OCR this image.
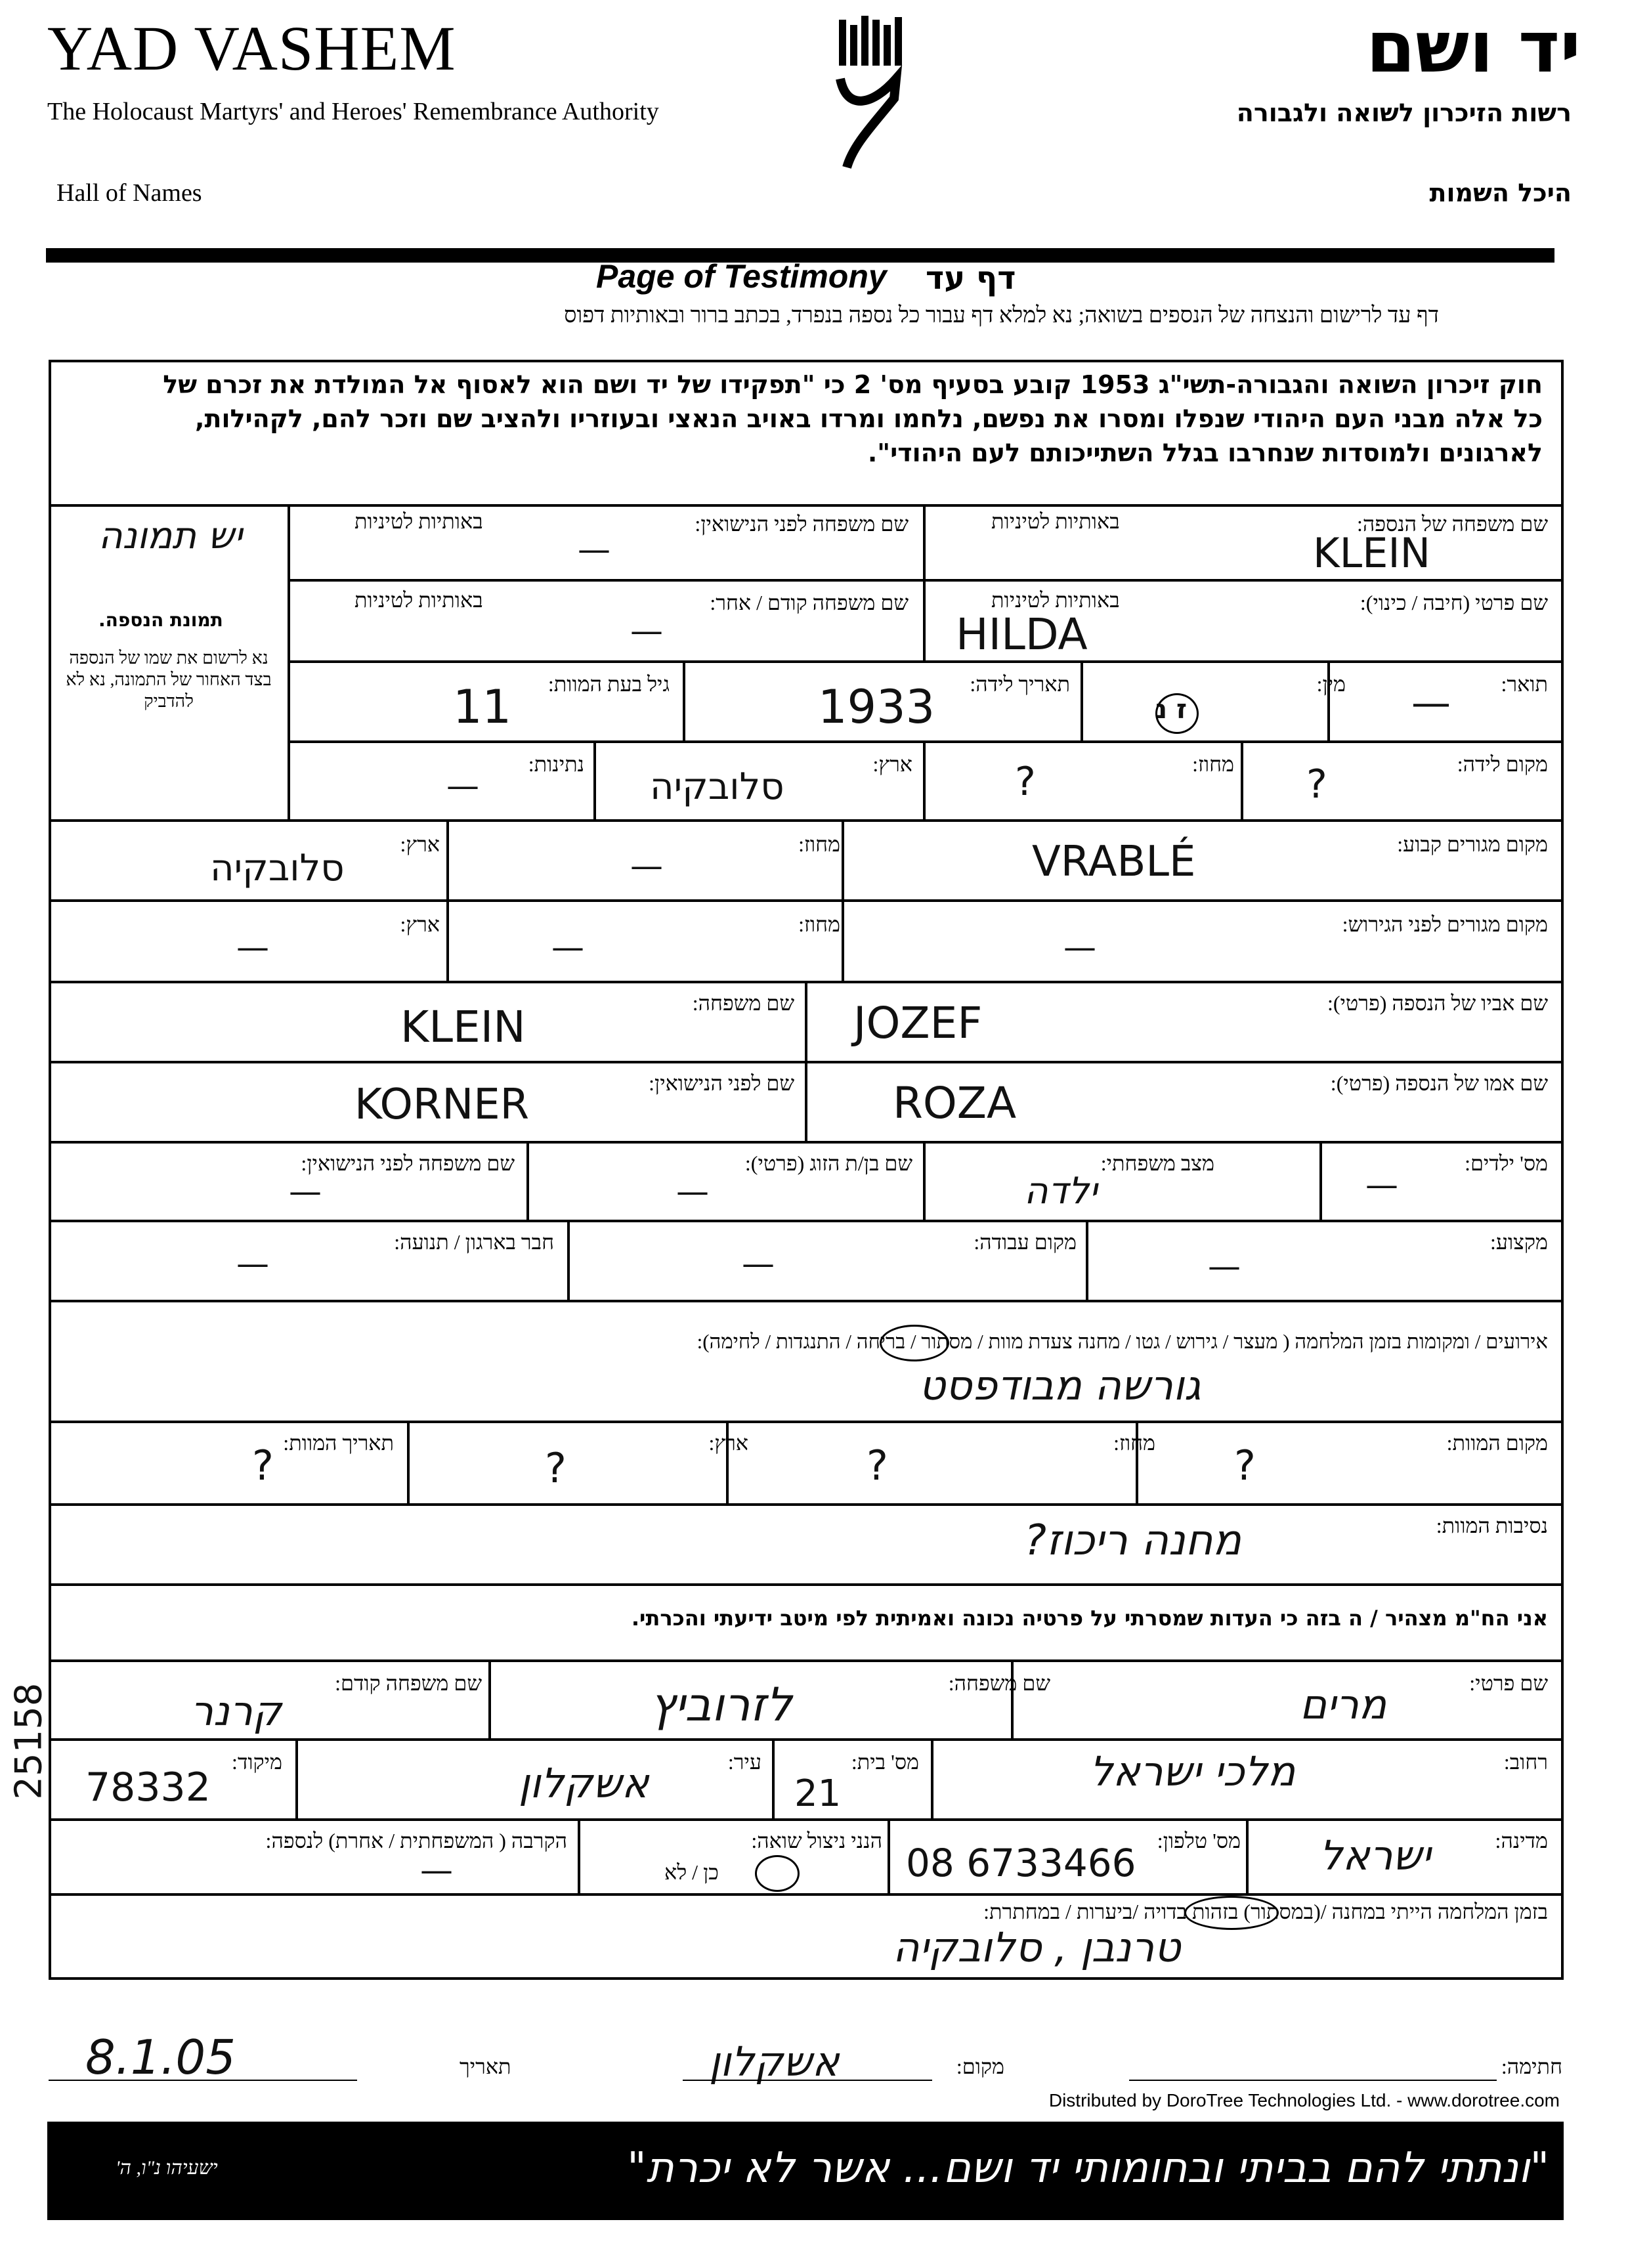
YAD VASHEM
The Holocaust Martyrs' and Heroes' Remembrance Authority
Hall of Names
יד ושם
רשות הזיכרון לשואה ולגבורה
היכל השמות
Page of Testimony דף עד
דף עד לרישום והנצחה של הנספים בשואה; נא למלא דף עבור כל נספה בנפרד, בכתב ברור ובאותיות דפוס
חוק זיכרון השואה והגבורה-תשי"ג 1953 קובע בסעיף מס' 2 כי "תפקידו של יד ושם הוא לאסוף אל המולדת את זכרם של
כל אלה מבני העם היהודי שנפלו ומסרו את נפשם, נלחמו ומרדו באויב הנאצי ובעוזריו ולהציב שם וזכר להם, לקהילות,
לארגונים ולמוסדות שנחרבו בגלל השתייכותם לעם היהודי".
יש תמונה
תמונת הנספה.
נא לרשום את שמו של הנספה בצד האחור של התמונה, נא לא להדביק
שם משפחה של הנספה:
באותיות לטיניות
KLEIN
שם משפחה לפני הנישואין:
באותיות לטיניות
—
שם פרטי (חיבה / כינוי):
באותיות לטיניות
HILDA
שם משפחה קודם / אחר:
באותיות לטיניות
—
תואר:
—
מין:
ז נ
תאריך לידה:
1933
גיל בעת המוות:
11
מקום לידה:
?
מחוז:
?
ארץ:
סלובקיה
נתינות:
—
מקום מגורים קבוע:
VRABLÉ
מחוז:
—
ארץ:
סלובקיה
מקום מגורים לפני הגירוש:
—
מחוז:
—
ארץ:
—
שם אביו של הנספה (פרטי):
JOZEF
שם משפחה:
KLEIN
שם אמו של הנספה (פרטי):
ROZA
שם לפני הנישואין:
KORNER
מס' ילדים:
—
מצב משפחתי:
ילדה
שם בן/ת הזוג (פרטי):
—
שם משפחה לפני הנישואין:
—
מקצוע:
—
מקום עבודה:
—
חבר בארגון / תנועה:
—
אירועים / ומקומות בזמן המלחמה ( מעצר / גירוש / גטו / מחנה צעדת מוות / מסתור / בריחה / התנגדות / לחימה):
גורשה מבודפסט
מקום המוות:
?
מחוז:
?
ארץ:
?
תאריך המוות:
?
נסיבות המוות:
מחנה ריכוז?
אני הח"מ מצהיר / ה בזה כי העדות שמסרתי על פרטיה נכונה ואמיתית לפי מיטב ידיעתי והכרתי.
שם פרטי:
מרים
שם משפחה:
לזרוביץ
שם משפחה קודם:
קרנר
רחוב:
מלכי ישראל
מס' בית:
21
עיר:
אשקלון
מיקוד:
78332
מדינה:
ישראל
מס' טלפון:
08 6733466
הנני ניצול שואה:
כן / לא
הקרבה ( המשפחתית / אחרת) לנספה:
—
בזמן המלחמה הייתי במחנה /(במסתור) בזהות בדויה /ביערות / במחתרת:
טרנבן , סלובקיה
חתימה:
מקום:
אשקלון
תאריך
8.1.05
Distributed by DoroTree Technologies Ltd. - www.dorotree.com
"ונתתי להם בביתי ובחומותי יד ושם... אשר לא יכרת"
ישעיהו נ"ו, ה'
25158
